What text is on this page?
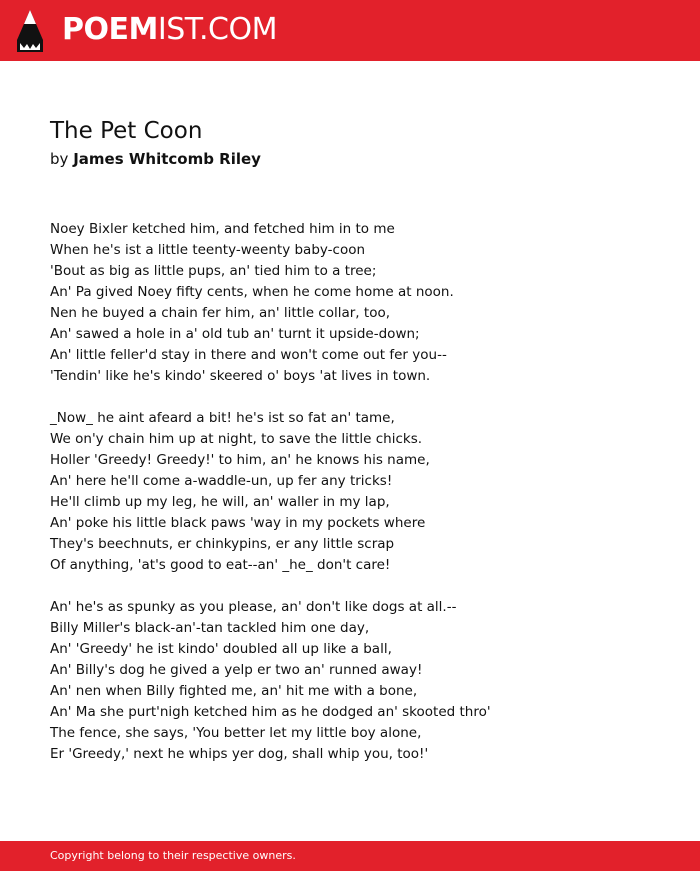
POEMIST.COM
The Pet Coon
by James Whitcomb Riley
Noey Bixler ketched him, and fetched him in to me
When he's ist a little teenty-weenty baby-coon
'Bout as big as little pups, an' tied him to a tree;
An' Pa gived Noey fifty cents, when he come home at noon.
Nen he buyed a chain fer him, an' little collar, too,
An' sawed a hole in a' old tub an' turnt it upside-down;
An' little feller'd stay in there and won't come out fer you--
'Tendin' like he's kindo' skeered o' boys 'at lives in town.
_Now_ he aint afeard a bit! he's ist so fat an' tame,
We on'y chain him up at night, to save the little chicks.
Holler 'Greedy! Greedy!' to him, an' he knows his name,
An' here he'll come a-waddle-un, up fer any tricks!
He'll climb up my leg, he will, an' waller in my lap,
An' poke his little black paws 'way in my pockets where
They's beechnuts, er chinkypins, er any little scrap
Of anything, 'at's good to eat--an' _he_ don't care!
An' he's as spunky as you please, an' don't like dogs at all.--
Billy Miller's black-an'-tan tackled him one day,
An' 'Greedy' he ist kindo' doubled all up like a ball,
An' Billy's dog he gived a yelp er two an' runned away!
An' nen when Billy fighted me, an' hit me with a bone,
An' Ma she purt'nigh ketched him as he dodged an' skooted thro'
The fence, she says, 'You better let my little boy alone,
Er 'Greedy,' next he whips yer dog, shall whip you, too!'
Copyright belong to their respective owners.
